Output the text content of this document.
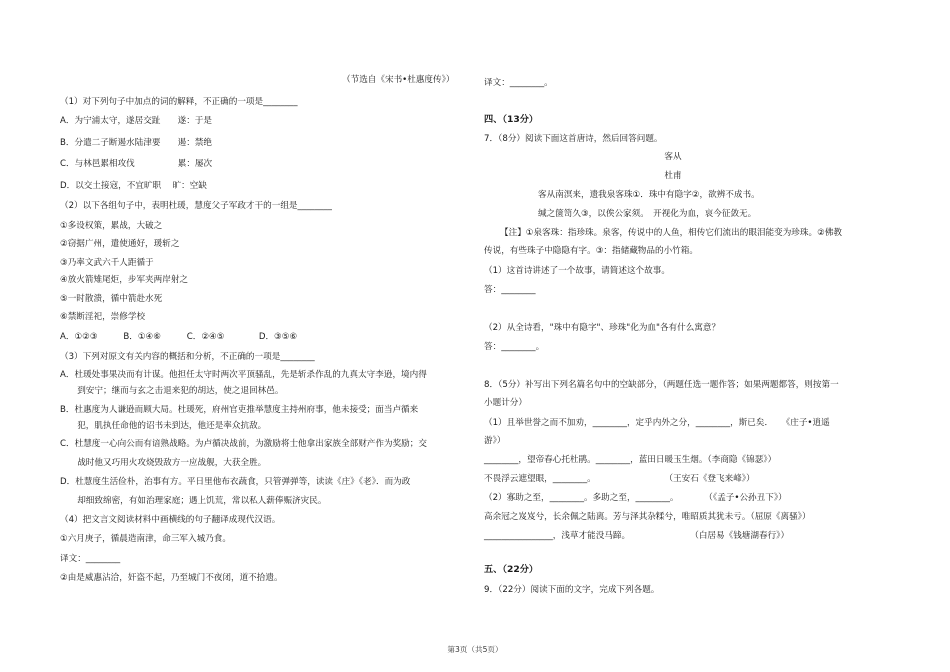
（节选自《宋书•杜惠度传》）
（1）对下列句子中加点的词的解释，不正确的一项是________
A．为宁浦太守，遂居交趾　　遂：于是
B．分遣二子断遏水陆津要　　遏：禁绝
C．与林邑累相攻伐　　　　　累：屡次
D．以交土接寇，不宜旷职　 旷：空缺
（2）以下各组句子中，表明杜瑗，慧度父子军政才干的一组是________
①多设权策，累战，大破之
②窃据广州，遣使通好，瑗斩之
③乃率文武六千人距循于
④放火箭雉尾炬，步军夹两岸射之
⑤一时散溃，循中箭赴水死
⑥禁断淫祀，崇修学校
A．①②③　　　B．①④⑥　　　C．②④⑤　　　　D．③⑤⑥
（3）下列对原文有关内容的概括和分析，不正确的一项是________
A．杜瑗处事果决而有计谋。他担任太守时两次平顶骚乱，先是斩杀作乱的九真太守李逊，境内得
　　到安宁；继而与玄之击退来犯的胡达，使之退回林邑。
B．杜惠度为人谦逊而顾大局。杜瑗死，府州官吏推举慧度主持州府事，他未接受；面当卢循来
　　犯，肌执任命他的诏书未到达，他还是率众抗敌。
C．杜慧度一心向公而有谙熟战略。为卢循决战前，为激励将士他拿出家族全部财产作为奖励；交
　　战时他又巧用火攻烧毁敌方一应战舰，大获全胜。
D．杜慧度生活俭朴，治事有方。平日里他布衣蔬食，只管弹弹等，读读《庄》《老》．而为政
　　却细致绵密，有如治理家庭；遇上饥荒，常以私人薪俸赈济灾民。
（4）把文言文阅读材料中画横线的句子翻译成现代汉语。
①六月庚子，循晨造南津，命三军入城乃食。
译文：________
②由是威惠沾洽，奸盗不起，乃至城门不夜闭，道不拾遗。
译文：________。
四、（13分）
7．（8分）阅读下面这首唐诗，然后回答问题。
客从
杜甫
客从南溟来，遗我泉客珠①．珠中有隐字②，欲辨不成书。
缄之箧笥久③，以俟公家须。　开视化为血，哀今征敛无。
【注】①泉客珠：指珍珠。泉客，传说中的人鱼，相传它们流出的眼泪能变为珍珠。②佛教
传说，有些珠子中隐隐有字。③：指储藏物品的小竹箱。
（1）这首诗讲述了一个故事，请简述这个故事。
答：________
（2）从全诗看，"珠中有隐字"、珍珠"化为血"各有什么寓意？
答：________。
8．（5分）补写出下列名篇名句中的空缺部分，（两题任选一题作答；如果两题都答，则按第一
小题计分）
（1）且举世誉之而不加劝，________，定乎内外之分，________，斯已矣．　　《庄子•逍遥
游》）
________，望帝春心托杜鹃。________，蓝田日暖玉生烟。（李商隐《锦瑟》）
不畏浮云遮望眼，________。　　　　　　　　　（王安石《登飞来峰》）
（2）寡助之至，________。多助之至，________。　　　　（《孟子•公孙丑下》）
高余冠之岌岌兮，长余佩之陆离。芳与泽其杂糅兮，唯昭质其犹未亏。（屈原《离骚》）
________________，浅草才能没马蹄。　　　　　　　　（白居易《钱塘湖春行》）
五、（22分）
9．（22分）阅读下面的文字，完成下列各题。
第3页（共5页）
